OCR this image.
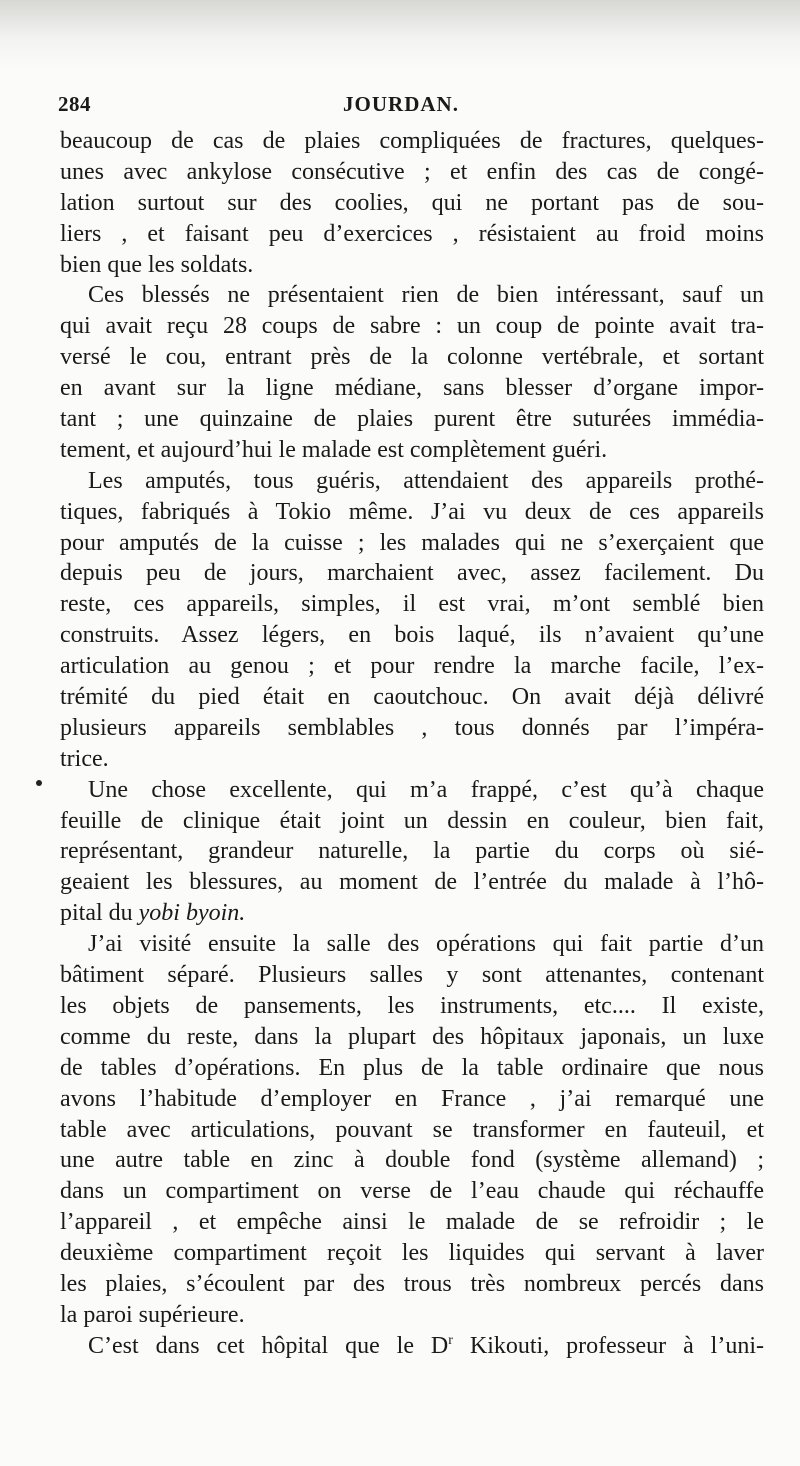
284	JOURDAN.
beaucoup de cas de plaies compliquées de fractures, quelques-
unes avec ankylose consécutive ; et enfin des cas de congé-
lation surtout sur des coolies, qui ne portant pas de sou-
liers , et faisant peu d’exercices , résistaient au froid moins
bien que les soldats.
Ces blessés ne présentaient rien de bien intéressant, sauf un
qui avait reçu 28 coups de sabre : un coup de pointe avait tra-
versé le cou, entrant près de la colonne vertébrale, et sortant
en avant sur la ligne médiane, sans blesser d’organe impor-
tant ; une quinzaine de plaies purent être suturées immédia-
tement, et aujourd’hui le malade est complètement guéri.
Les amputés, tous guéris, attendaient des appareils prothé-
tiques, fabriqués à Tokio même. J’ai vu deux de ces appareils
pour amputés de la cuisse ; les malades qui ne s’exerçaient que
depuis peu de jours, marchaient avec, assez facilement. Du
reste, ces appareils, simples, il est vrai, m’ont semblé bien
construits. Assez légers, en bois laqué, ils n’avaient qu’une
articulation au genou ; et pour rendre la marche facile, l’ex-
trémité du pied était en caoutchouc. On avait déjà délivré
plusieurs appareils semblables , tous donnés par l’impéra-
trice.
Une chose excellente, qui m’a frappé, c’est qu’à chaque
feuille de clinique était joint un dessin en couleur, bien fait,
représentant, grandeur naturelle, la partie du corps où sié-
geaient les blessures, au moment de l’entrée du malade à l’hô-
pital du yobi byoin.
J’ai visité ensuite la salle des opérations qui fait partie d’un
bâtiment séparé. Plusieurs salles y sont attenantes, contenant
les objets de pansements, les instruments, etc.... Il existe,
comme du reste, dans la plupart des hôpitaux japonais, un luxe
de tables d’opérations. En plus de la table ordinaire que nous
avons l’habitude d’employer en France , j’ai remarqué une
table avec articulations, pouvant se transformer en fauteuil, et
une autre table en zinc à double fond (système allemand) ;
dans un compartiment on verse de l’eau chaude qui réchauffe
l’appareil , et empêche ainsi le malade de se refroidir ; le
deuxième compartiment reçoit les liquides qui servant à laver
les plaies, s’écoulent par des trous très nombreux percés dans
la paroi supérieure.
C’est dans cet hôpital que le $D^r$ Kikouti, professeur à l’uni-
